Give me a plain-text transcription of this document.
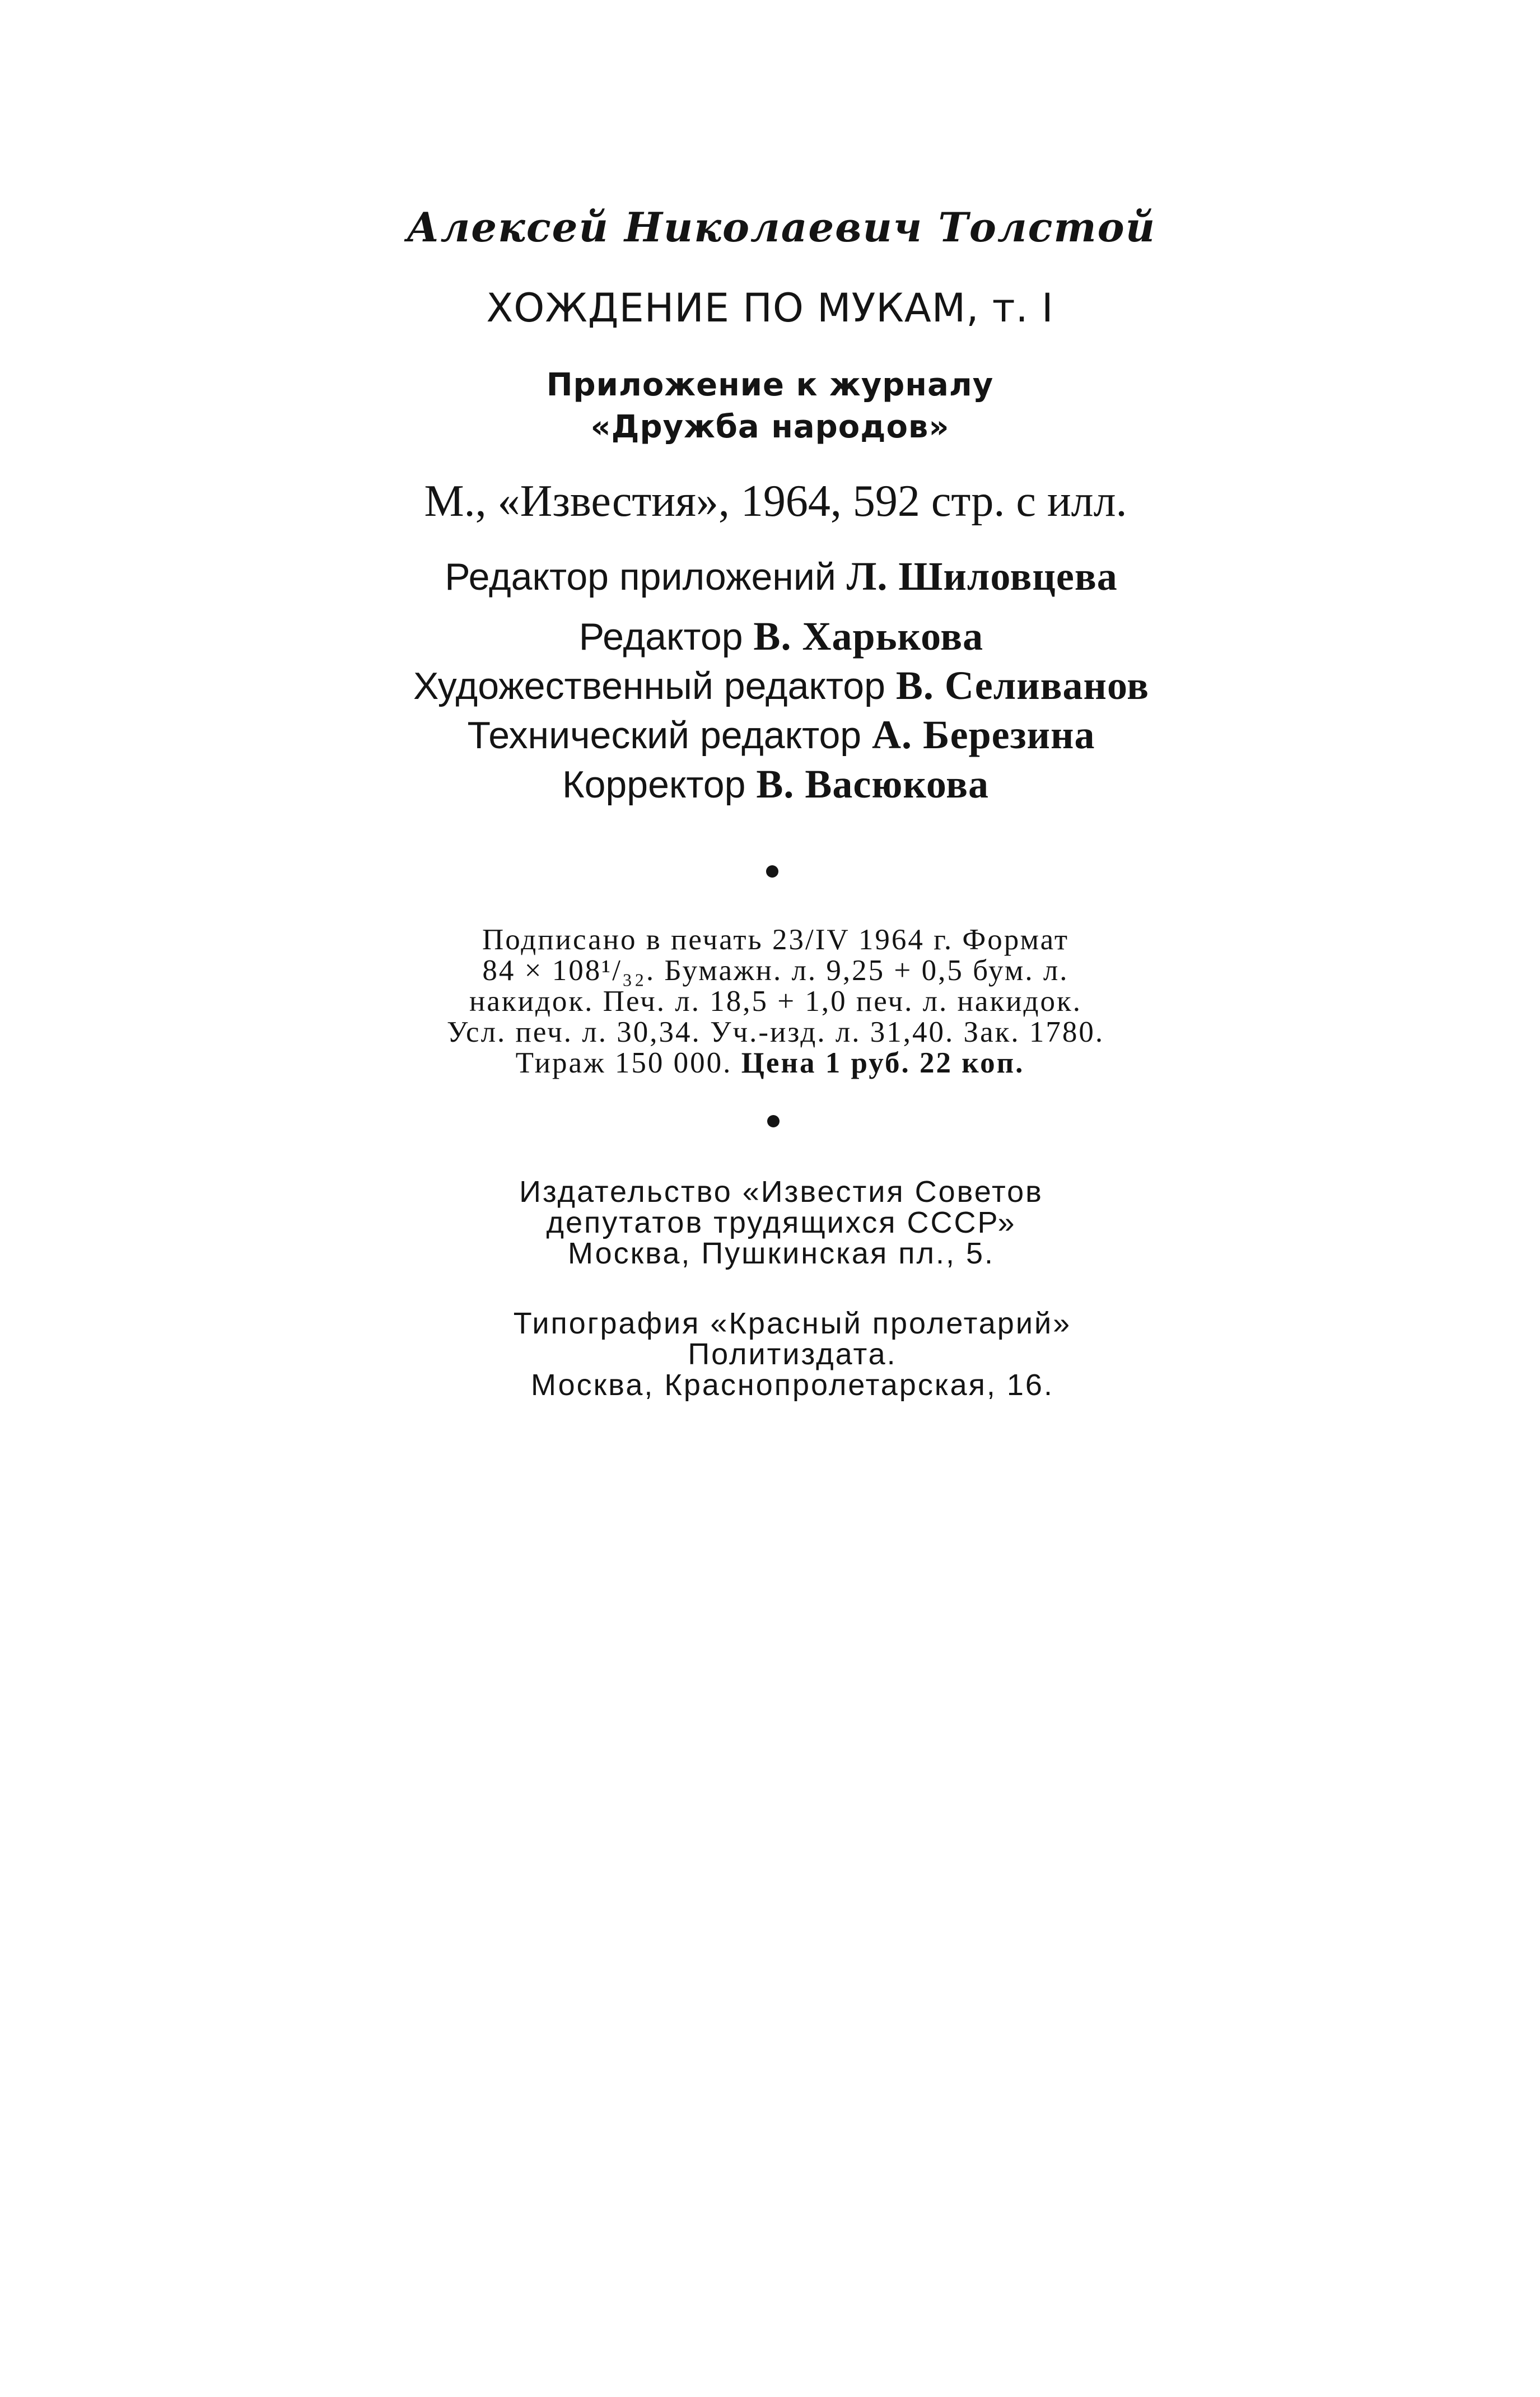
Алексей Николаевич Толстой
ХОЖДЕНИЕ ПО МУКАМ, т. I
Приложение к журналу
«Дружба народов»
М., «Известия», 1964, 592 стр. с илл.
Редактор приложений Л. Шиловцева
Редактор В. Харькова
Художественный редактор В. Селиванов
Технический редактор А. Березина
Корректор В. Васюкова
Подписано в печать 23/IV 1964 г. Формат
84 × 108¹/₃₂. Бумажн. л. 9,25 + 0,5 бум. л.
накидок. Печ. л. 18,5 + 1,0 печ. л. накидок.
Усл. печ. л. 30,34. Уч.-изд. л. 31,40. Зак. 1780.
Тираж 150 000. Цена 1 руб. 22 коп.
Издательство «Известия Советов
депутатов трудящихся СССР»
Москва, Пушкинская пл., 5.
Типография «Красный пролетарий»
Политиздата.
Москва, Краснопролетарская, 16.
